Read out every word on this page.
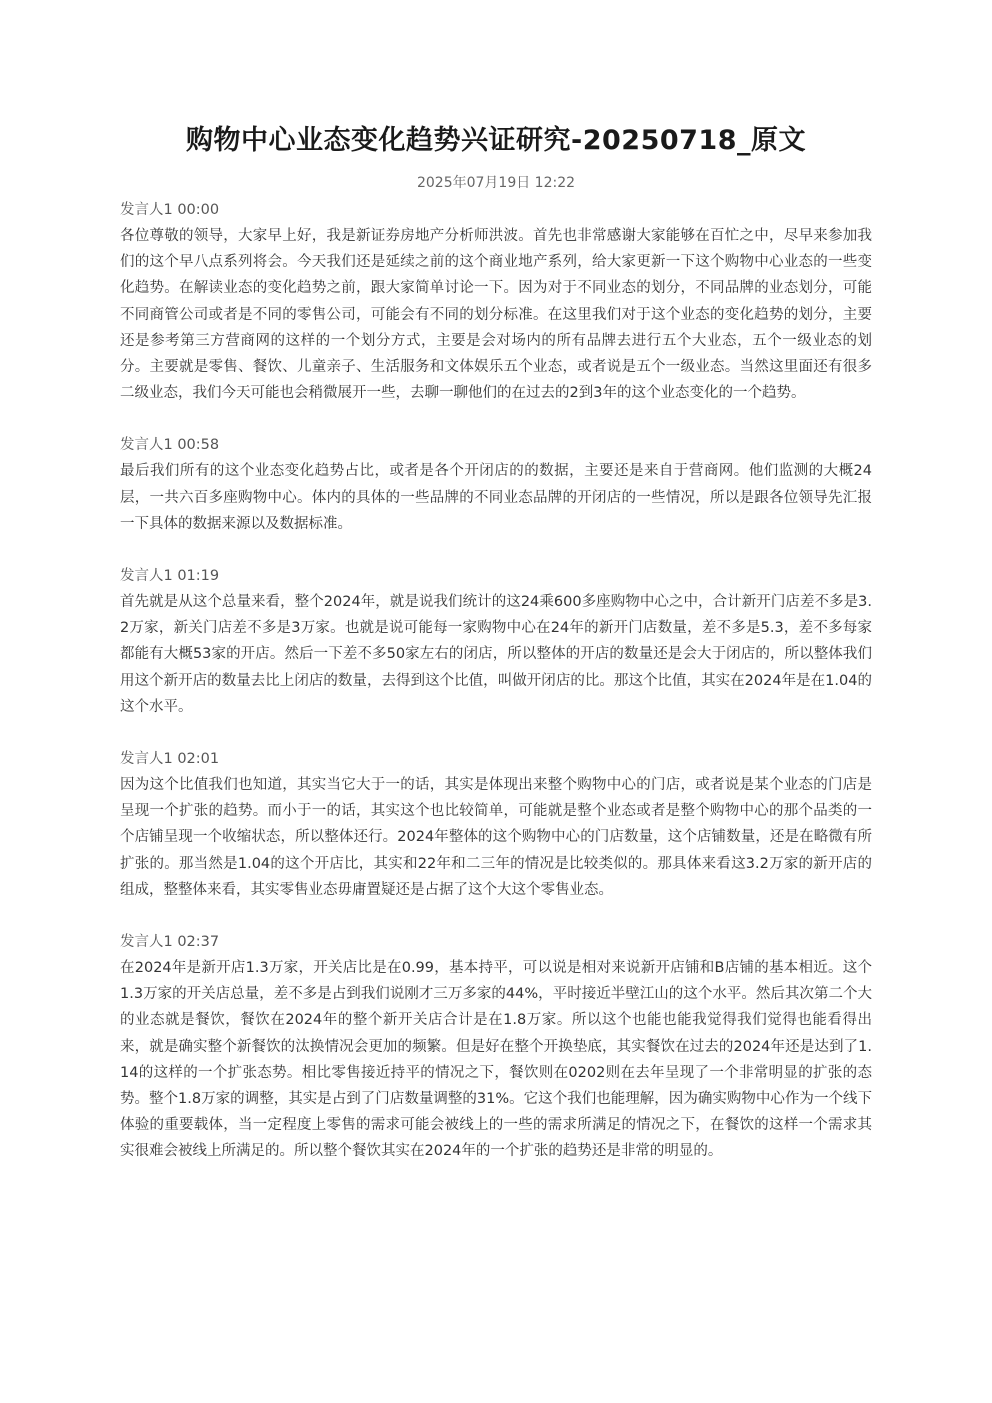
购物中心业态变化趋势兴证研究-20250718_原文
2025年07月19日 12:22
发言人1 00:00

各位尊敬的领导，大家早上好，我是新证券房地产分析师洪波。首先也非常感谢大家能够在百忙之中，尽早来参加我们的这个早八点系列将会。今天我们还是延续之前的这个商业地产系列，给大家更新一下这个购物中心业态的一些变化趋势。在解读业态的变化趋势之前，跟大家简单讨论一下。因为对于不同业态的划分，不同品牌的业态划分，可能不同商管公司或者是不同的零售公司，可能会有不同的划分标准。在这里我们对于这个业态的变化趋势的划分，主要还是参考第三方营商网的这样的一个划分方式，主要是会对场内的所有品牌去进行五个大业态，五个一级业态的划分。主要就是零售、餐饮、儿童亲子、生活服务和文体娱乐五个业态，或者说是五个一级业态。当然这里面还有很多二级业态，我们今天可能也会稍微展开一些，去聊一聊他们的在过去的2到3年的这个业态变化的一个趋势。

发言人1 00:58

最后我们所有的这个业态变化趋势占比，或者是各个开闭店的的数据，主要还是来自于营商网。他们监测的大概24层，一共六百多座购物中心。体内的具体的一些品牌的不同业态品牌的开闭店的一些情况，所以是跟各位领导先汇报一下具体的数据来源以及数据标准。

发言人1 01:19

首先就是从这个总量来看，整个2024年，就是说我们统计的这24乘600多座购物中心之中，合计新开门店差不多是3.2万家，新关门店差不多是3万家。也就是说可能每一家购物中心在24年的新开门店数量，差不多是5.3，差不多每家都能有大概53家的开店。然后一下差不多50家左右的闭店，所以整体的开店的数量还是会大于闭店的，所以整体我们用这个新开店的数量去比上闭店的数量，去得到这个比值，叫做开闭店的比。那这个比值，其实在2024年是在1.04的这个水平。

发言人1 02:01

因为这个比值我们也知道，其实当它大于一的话，其实是体现出来整个购物中心的门店，或者说是某个业态的门店是呈现一个扩张的趋势。而小于一的话，其实这个也比较简单，可能就是整个业态或者是整个购物中心的那个品类的一个店铺呈现一个收缩状态，所以整体还行。2024年整体的这个购物中心的门店数量，这个店铺数量，还是在略微有所扩张的。那当然是1.04的这个开店比，其实和22年和二三年的情况是比较类似的。那具体来看这3.2万家的新开店的组成，整整体来看，其实零售业态毋庸置疑还是占据了这个大这个零售业态。

发言人1 02:37

在2024年是新开店1.3万家，开关店比是在0.99，基本持平，可以说是相对来说新开店铺和B店铺的基本相近。这个1.3万家的开关店总量，差不多是占到我们说刚才三万多家的44%，平时接近半壁江山的这个水平。然后其次第二个大的业态就是餐饮，餐饮在2024年的整个新开关店合计是在1.8万家。所以这个也能也能我觉得我们觉得也能看得出来，就是确实整个新餐饮的汰换情况会更加的频繁。但是好在整个开换垫底，其实餐饮在过去的2024年还是达到了1.14的这样的一个扩张态势。相比零售接近持平的情况之下，餐饮则在0202则在去年呈现了一个非常明显的扩张的态势。整个1.8万家的调整，其实是占到了门店数量调整的31%。它这个我们也能理解，因为确实购物中心作为一个线下体验的重要载体，当一定程度上零售的需求可能会被线上的一些的需求所满足的情况之下，在餐饮的这样一个需求其实很难会被线上所满足的。所以整个餐饮其实在2024年的一个扩张的趋势还是非常的明显的。
